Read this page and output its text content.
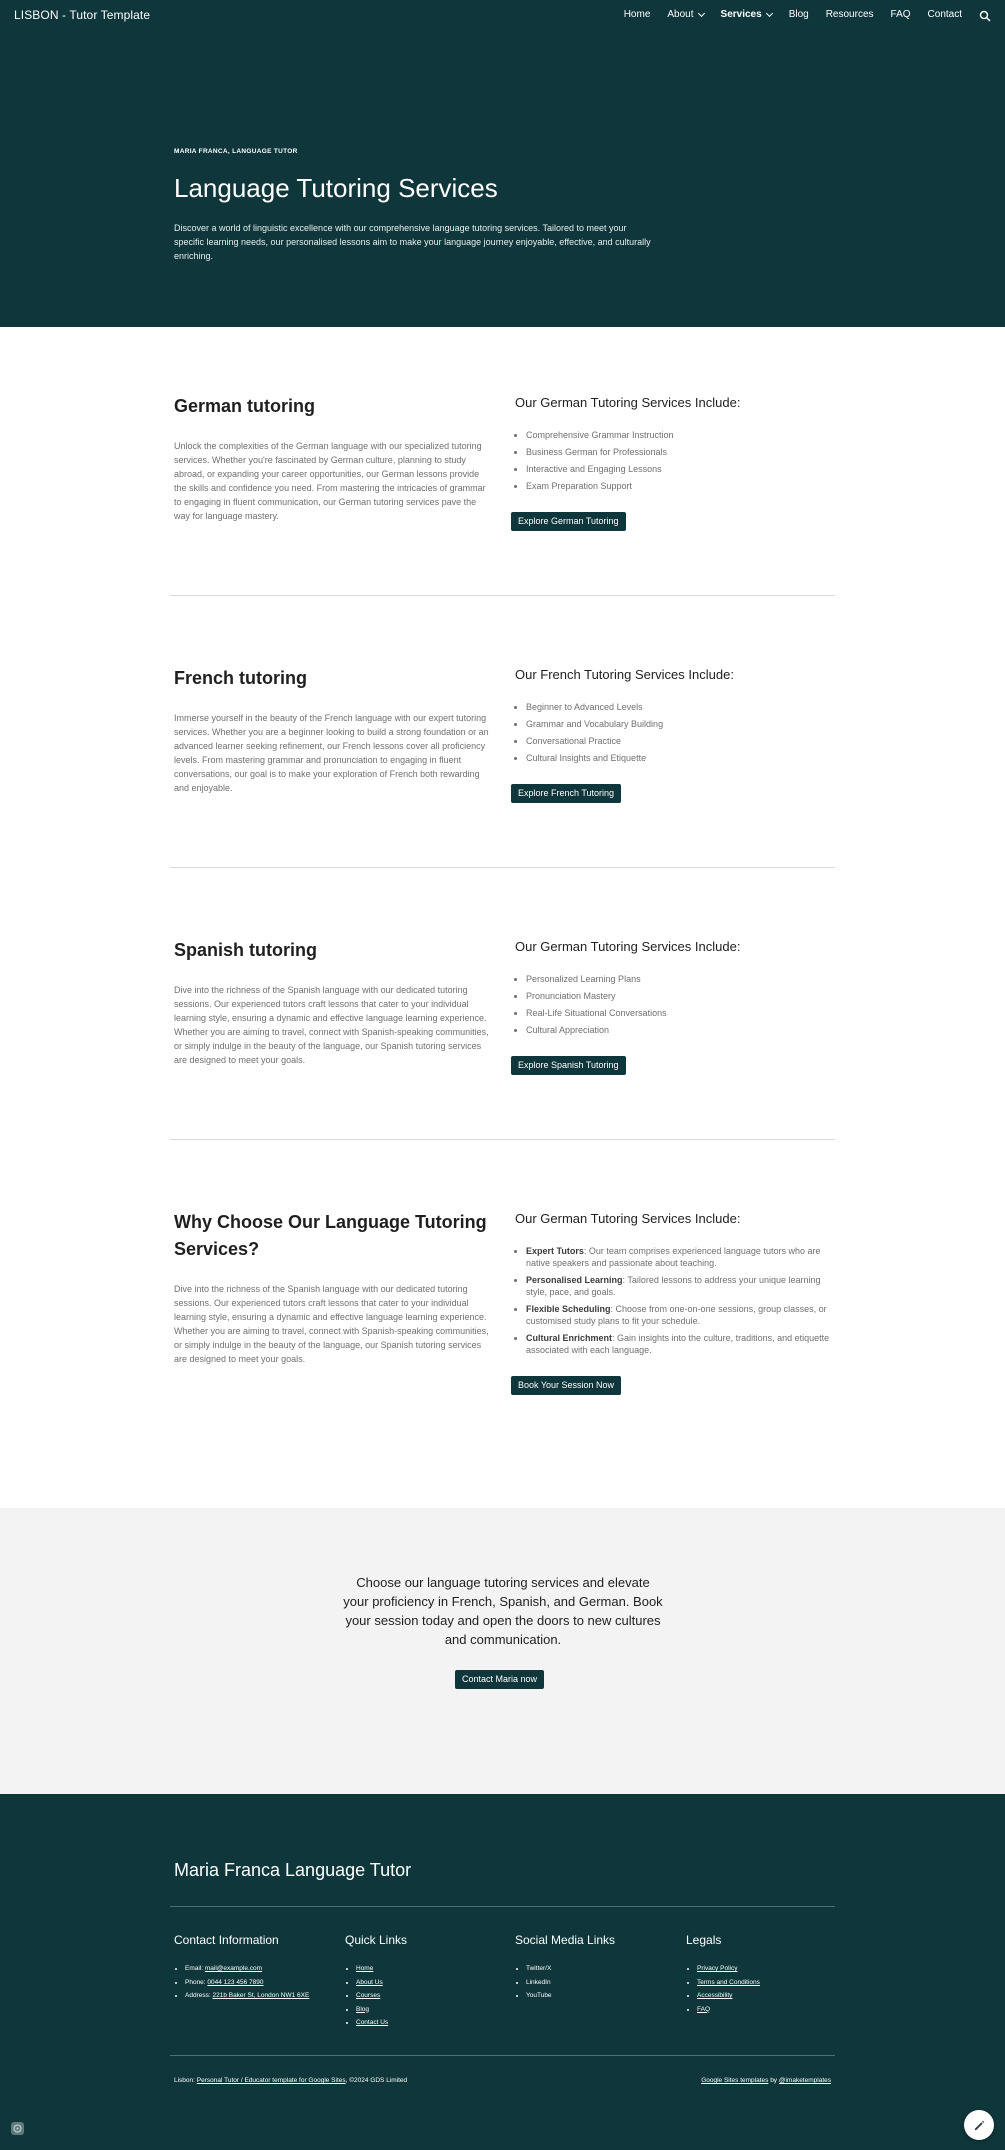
LISBON - Tutor Template	Home About	Services	Blog Resources FAQ Contact
MARIA FRANCA, LANGUAGE TUTOR
Language Tutoring Services

Discover a world of linguistic excellence with our comprehensive language tutoring services. Tailored to meet your specific learning needs, our personalised lessons aim to make your language journey enjoyable, effective, and culturally enriching.

German tutoring

Unlock the complexities of the German language with our specialized tutoring services. Whether you're fascinated by German culture, planning to study abroad, or expanding your career opportunities, our German lessons provide the skills and confidence you need. From mastering the intricacies of grammar to engaging in fluent communication, our German tutoring services pave the way for language mastery.

Our German Tutoring Services Include:
• Comprehensive Grammar Instruction
• Business German for Professionals
• Interactive and Engaging Lessons
• Exam Preparation Support
Explore German Tutoring
French tutoring

Immerse yourself in the beauty of the French language with our expert tutoring services. Whether you are a beginner looking to build a strong foundation or an advanced learner seeking refinement, our French lessons cover all proficiency levels. From mastering grammar and pronunciation to engaging in fluent conversations, our goal is to make your exploration of French both rewarding and enjoyable.

Our French Tutoring Services Include:
• Beginner to Advanced Levels
• Grammar and Vocabulary Building
• Conversational Practice
• Cultural Insights and Etiquette
Explore French Tutoring
Spanish tutoring

Dive into the richness of the Spanish language with our dedicated tutoring sessions. Our experienced tutors craft lessons that cater to your individual learning style, ensuring a dynamic and effective language learning experience. Whether you are aiming to travel, connect with Spanish-speaking communities, or simply indulge in the beauty of the language, our Spanish tutoring services are designed to meet your goals.

Our German Tutoring Services Include:
• Personalized Learning Plans
• Pronunciation Mastery
• Real-Life Situational Conversations
• Cultural Appreciation
Explore Spanish Tutoring
Why Choose Our Language Tutoring Services?

Dive into the richness of the Spanish language with our dedicated tutoring sessions. Our experienced tutors craft lessons that cater to your individual learning style, ensuring a dynamic and effective language learning experience. Whether you are aiming to travel, connect with Spanish-speaking communities, or simply indulge in the beauty of the language, our Spanish tutoring services are designed to meet your goals.

Our German Tutoring Services Include:
• Expert Tutors: Our team comprises experienced language tutors who are native speakers and passionate about teaching.
• Personalised Learning: Tailored lessons to address your unique learning style, pace, and goals.
• Flexible Scheduling: Choose from one-on-one sessions, group classes, or customised study plans to fit your schedule.
• Cultural Enrichment: Gain insights into the culture, traditions, and etiquette associated with each language.
Book Your Session Now

Choose our language tutoring services and elevate your proficiency in French, Spanish, and German. Book your session today and open the doors to new cultures and communication.

Contact Maria now
Maria Franca Language Tutor
Contact Information
• Email: mail@example.com
• Phone: 0044 123 456 7890
• Address: 221b Baker St, London NW1 6XE
Quick Links
• Home
• About Us
• Courses
• Blog
• Contact Us
Social Media Links
• Twitter/X
• LinkedIn
• YouTube
Legals
• Privacy Policy
• Terms and Conditions
• Accessibility
• FAQ
Lisbon: Personal Tutor / Educator template for Google Sites, ©2024 GDS Limited	Google Sites templates by @imaketemplates
